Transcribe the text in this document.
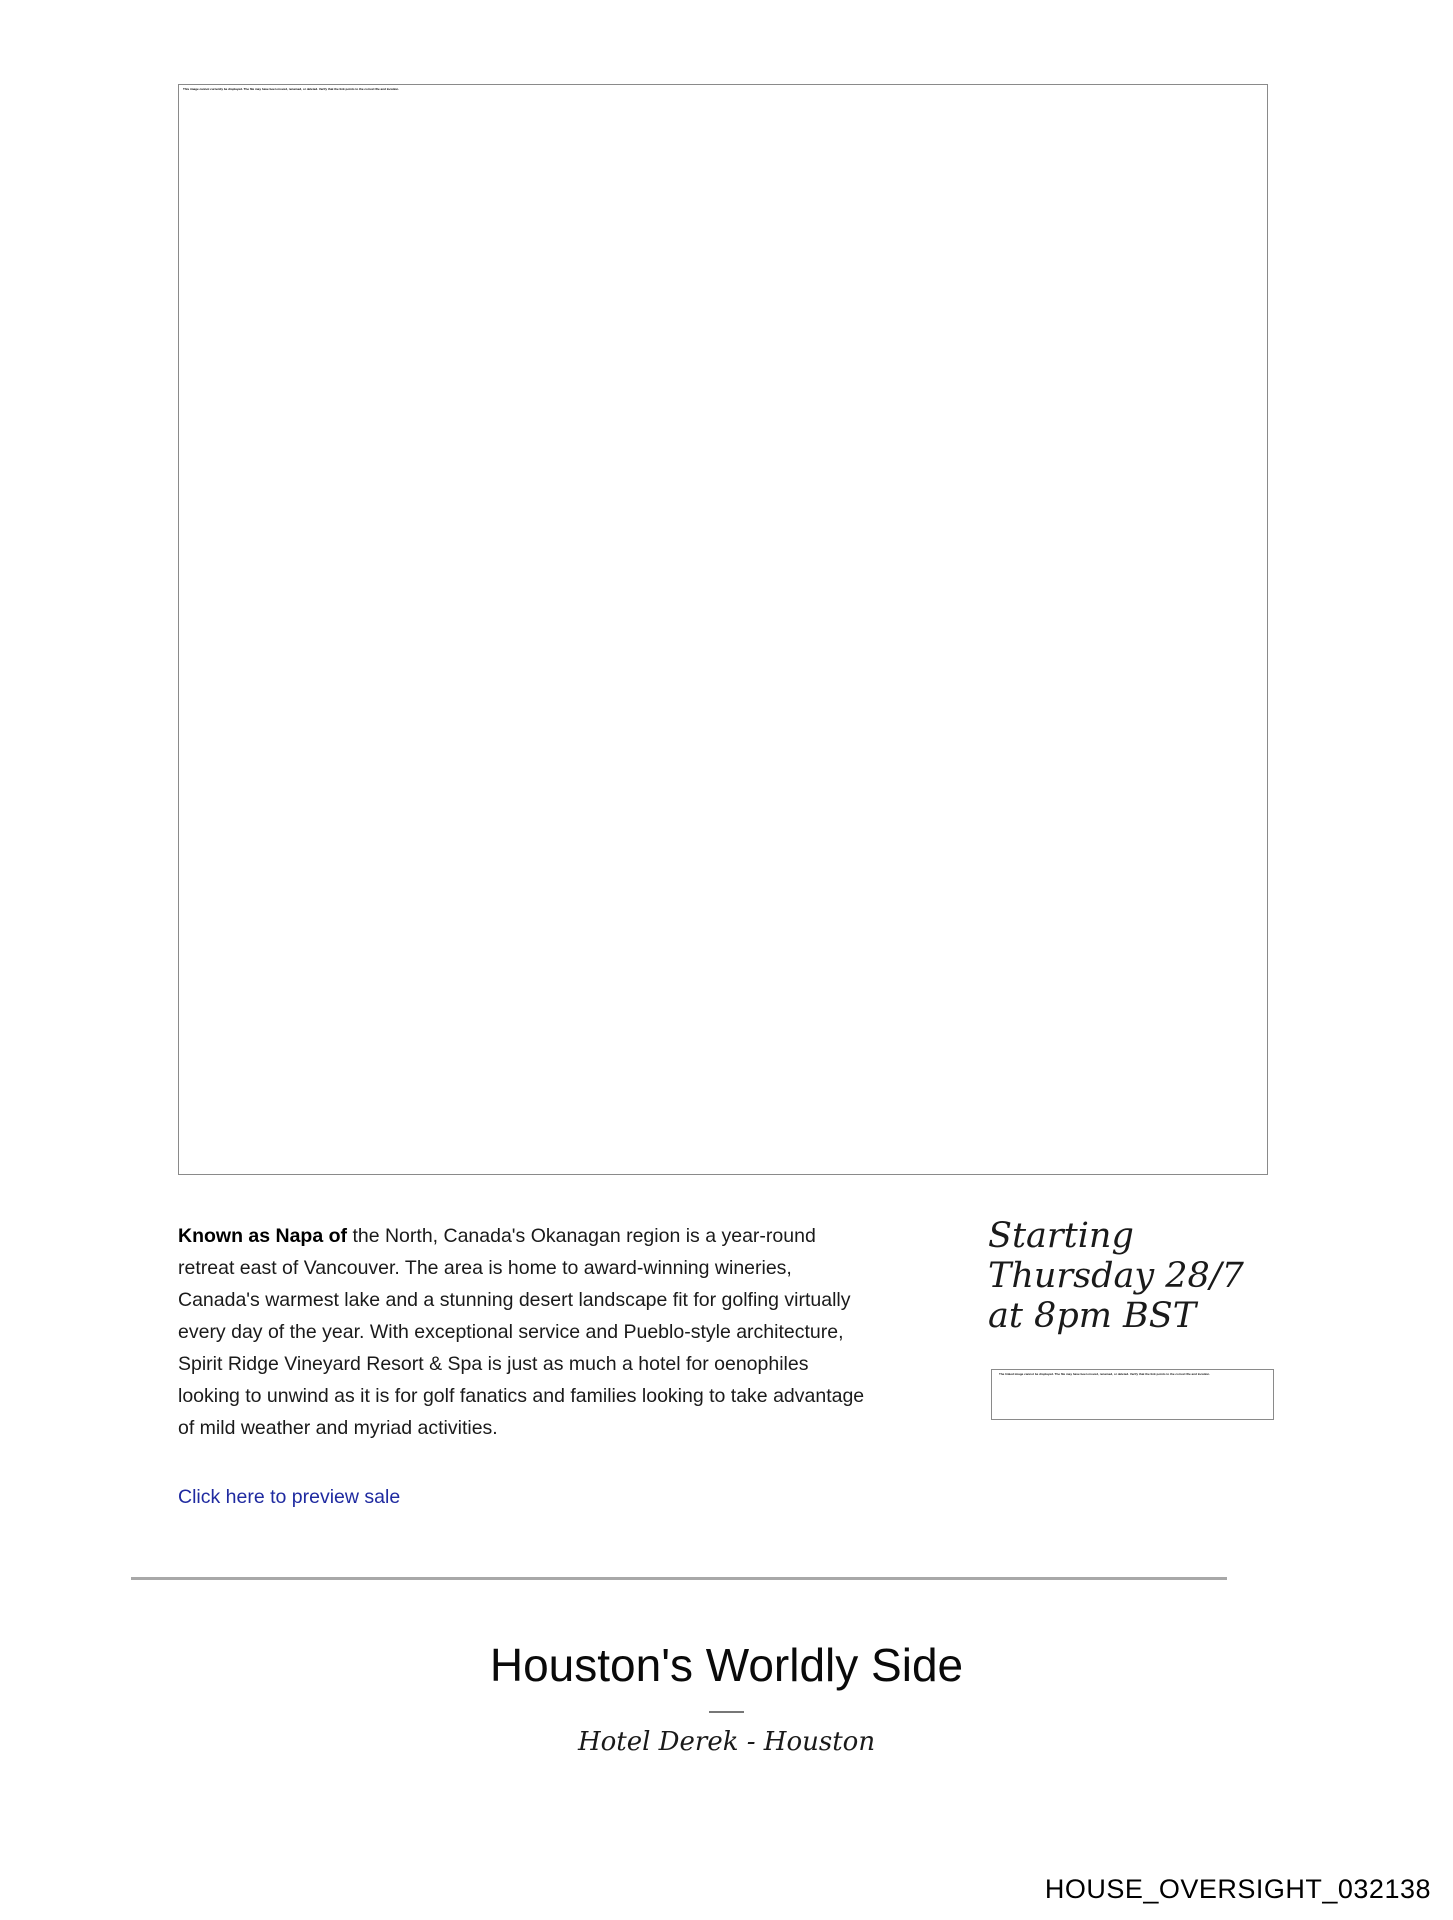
This image cannot currently be displayed. The file may have been moved, renamed, or deleted. Verify that the link points to the correct file and location.
Known as Napa of the North, Canada's Okanagan region is a year-round retreat east of Vancouver. The area is home to award-winning wineries, Canada's warmest lake and a stunning desert landscape fit for golfing virtually every day of the year. With exceptional service and Pueblo-style architecture, Spirit Ridge Vineyard Resort & Spa is just as much a hotel for oenophiles looking to unwind as it is for golf fanatics and families looking to take advantage of mild weather and myriad activities.
Click here to preview sale
Starting Thursday 28/7 at 8pm BST
The linked image cannot be displayed. The file may have been moved, renamed, or deleted. Verify that the link points to the correct file and location.
Houston's Worldly Side
Hotel Derek - Houston
HOUSE_OVERSIGHT_032138
